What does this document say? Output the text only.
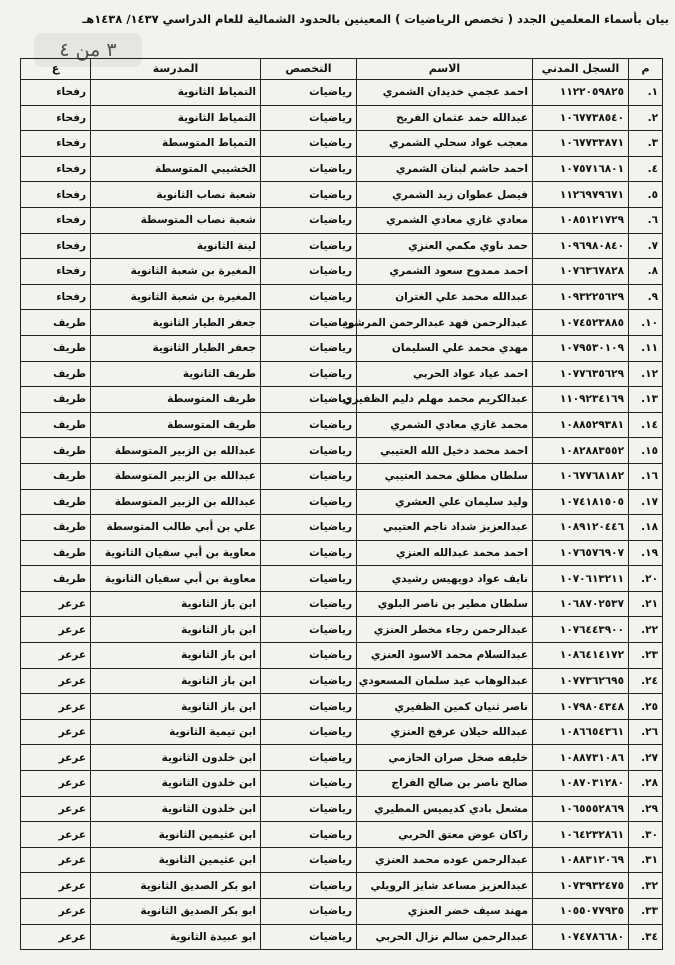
بيان بأسماء المعلمين الجدد ( تخصص الرياضيات ) المعينين بالحدود الشمالية للعام الدراسي ١٤٣٧/ ١٤٣٨هـ
٣ من ٤
م	السجل المدني	الاسم	التخصص	المدرسة	ع
١.	١١٢٢٠٥٩٨٢٥	احمد عجمي خديدان الشمري	رياضيات	التمياط الثانوية	رفحاء
٢.	١٠٦٧٧٣٨٥٤٠	عبدالله حمد عثمان الفريح	رياضيات	التمياط الثانوية	رفحاء
٣.	١٠٦٧٧٣٣٨٧١	معجب عواد سحلي الشمري	رياضيات	التمياط المتوسطة	رفحاء
٤.	١٠٧٥٧١٦٨٠١	احمد حاشم لبنان الشمري	رياضيات	الخشيبي المتوسطة	رفحاء
٥.	١١٢٦٩٧٩٦٧١	فيصل عطوان زيد الشمري	رياضيات	شعبة نصاب الثانوية	رفحاء
٦.	١٠٨٥١٢١٧٢٩	معادي غازي معادي الشمري	رياضيات	شعبة نصاب المتوسطة	رفحاء
٧.	١٠٩٦٩٨٠٨٤٠	حمد ناوي مكمي العنزي	رياضيات	لينة الثانوية	رفحاء
٨.	١٠٧٦٣٦٧٨٢٨	احمد ممدوح سعود الشمري	رياضيات	المغيرة بن شعبة الثانوية	رفحاء
٩.	١٠٩٣٢٢٥٦٢٩	عبدالله محمد علي الغتران	رياضيات	المغيرة بن شعبة الثانوية	رفحاء
١٠.	١٠٧٤٥٢٣٨٨٥	عبدالرحمن فهد عبدالرحمن المرشود	رياضيات	جعفر الطيار الثانوية	طريف
١١.	١٠٧٩٥٣٠١٠٩	مهدي محمد علي السليمان	رياضيات	جعفر الطيار الثانوية	طريف
١٢.	١٠٧٧٦٣٥٦٢٩	احمد عياد عواد الحربي	رياضيات	طريف الثانوية	طريف
١٣.	١١٠٩٢٣٤١٦٩	عبدالكريم محمد مهلم دليم الظفيري	رياضيات	طريف المتوسطة	طريف
١٤.	١٠٨٨٥٢٩٣٨١	محمد غازي معادي الشمري	رياضيات	طريف المتوسطة	طريف
١٥.	١٠٨٢٨٨٣٥٥٢	احمد محمد دخيل الله العتيبي	رياضيات	عبدالله بن الزبير المتوسطة	طريف
١٦.	١٠٦٧٧٦٨١٨٢	سلطان مطلق محمد العتيبي	رياضيات	عبدالله بن الزبير المتوسطة	طريف
١٧.	١٠٧٤١٨١٥٠٥	وليد سليمان علي العشري	رياضيات	عبدالله بن الزبير المتوسطة	طريف
١٨.	١٠٨٩١٢٠٤٤٦	عبدالعزيز شداد ناجم العتيبي	رياضيات	علي بن أبي طالب المتوسطة	طريف
١٩.	١٠٧٦٥٧٦٩٠٧	احمد محمد عبدالله العنزي	رياضيات	معاوية بن أبي سفيان الثانوية	طريف
٢٠.	١٠٧٠٦١٣٢١١	نايف عواد دويهيس رشيدي	رياضيات	معاوية بن أبي سفيان الثانوية	طريف
٢١.	١٠٦٨٧٠٢٥٣٧	سلطان مطير بن ناصر البلوي	رياضيات	ابن باز الثانوية	عرعر
٢٢.	١٠٧٦٤٤٣٩٠٠	عبدالرحمن رجاء مخطر العنزي	رياضيات	ابن باز الثانوية	عرعر
٢٣.	١٠٨٦٤١٤١٧٢	عبدالسلام محمد الاسود العنزي	رياضيات	ابن باز الثانوية	عرعر
٢٤.	١٠٧٧٣٦٢٦٩٥	عبدالوهاب عيد سلمان المسعودي	رياضيات	ابن باز الثانوية	عرعر
٢٥.	١٠٧٩٨٠٤٣٤٨	ناصر ثنيان كمين الظفيري	رياضيات	ابن باز الثانوية	عرعر
٢٦.	١٠٨٦٦٥٤٣٦١	عبدالله حيلان عرفج العنزي	رياضيات	ابن تيمية الثانوية	عرعر
٢٧.	١٠٨٨٧٣١٠٨٦	خليفه صخل صران الحازمي	رياضيات	ابن خلدون الثانوية	عرعر
٢٨.	١٠٨٧٠٣١٢٨٠	صالح ناصر بن صالح الفراج	رياضيات	ابن خلدون الثانوية	عرعر
٢٩.	١٠٦٥٥٥٢٨٦٩	مشعل بادي كديميس المطيري	رياضيات	ابن خلدون الثانوية	عرعر
٣٠.	١٠٦٤٢٣٢٨٦١	راكان عوض معتق الحربي	رياضيات	ابن عثيمين الثانوية	عرعر
٣١.	١٠٨٨٣١٢٠٦٩	عبدالرحمن عوده محمد العنزي	رياضيات	ابن عثيمين الثانوية	عرعر
٣٢.	١٠٧٣٩٣٢٤٧٥	عبدالعزيز مساعد شايز الرويلي	رياضيات	ابو بكر الصديق الثانوية	عرعر
٣٣.	١٠٥٥٠٧٧٩٣٥	مهند سيف خضر العنزي	رياضيات	ابو بكر الصديق الثانوية	عرعر
٣٤.	١٠٧٤٧٨٦٦٨٠	عبدالرحمن سالم نزال الحربي	رياضيات	ابو عبيدة الثانوية	عرعر
